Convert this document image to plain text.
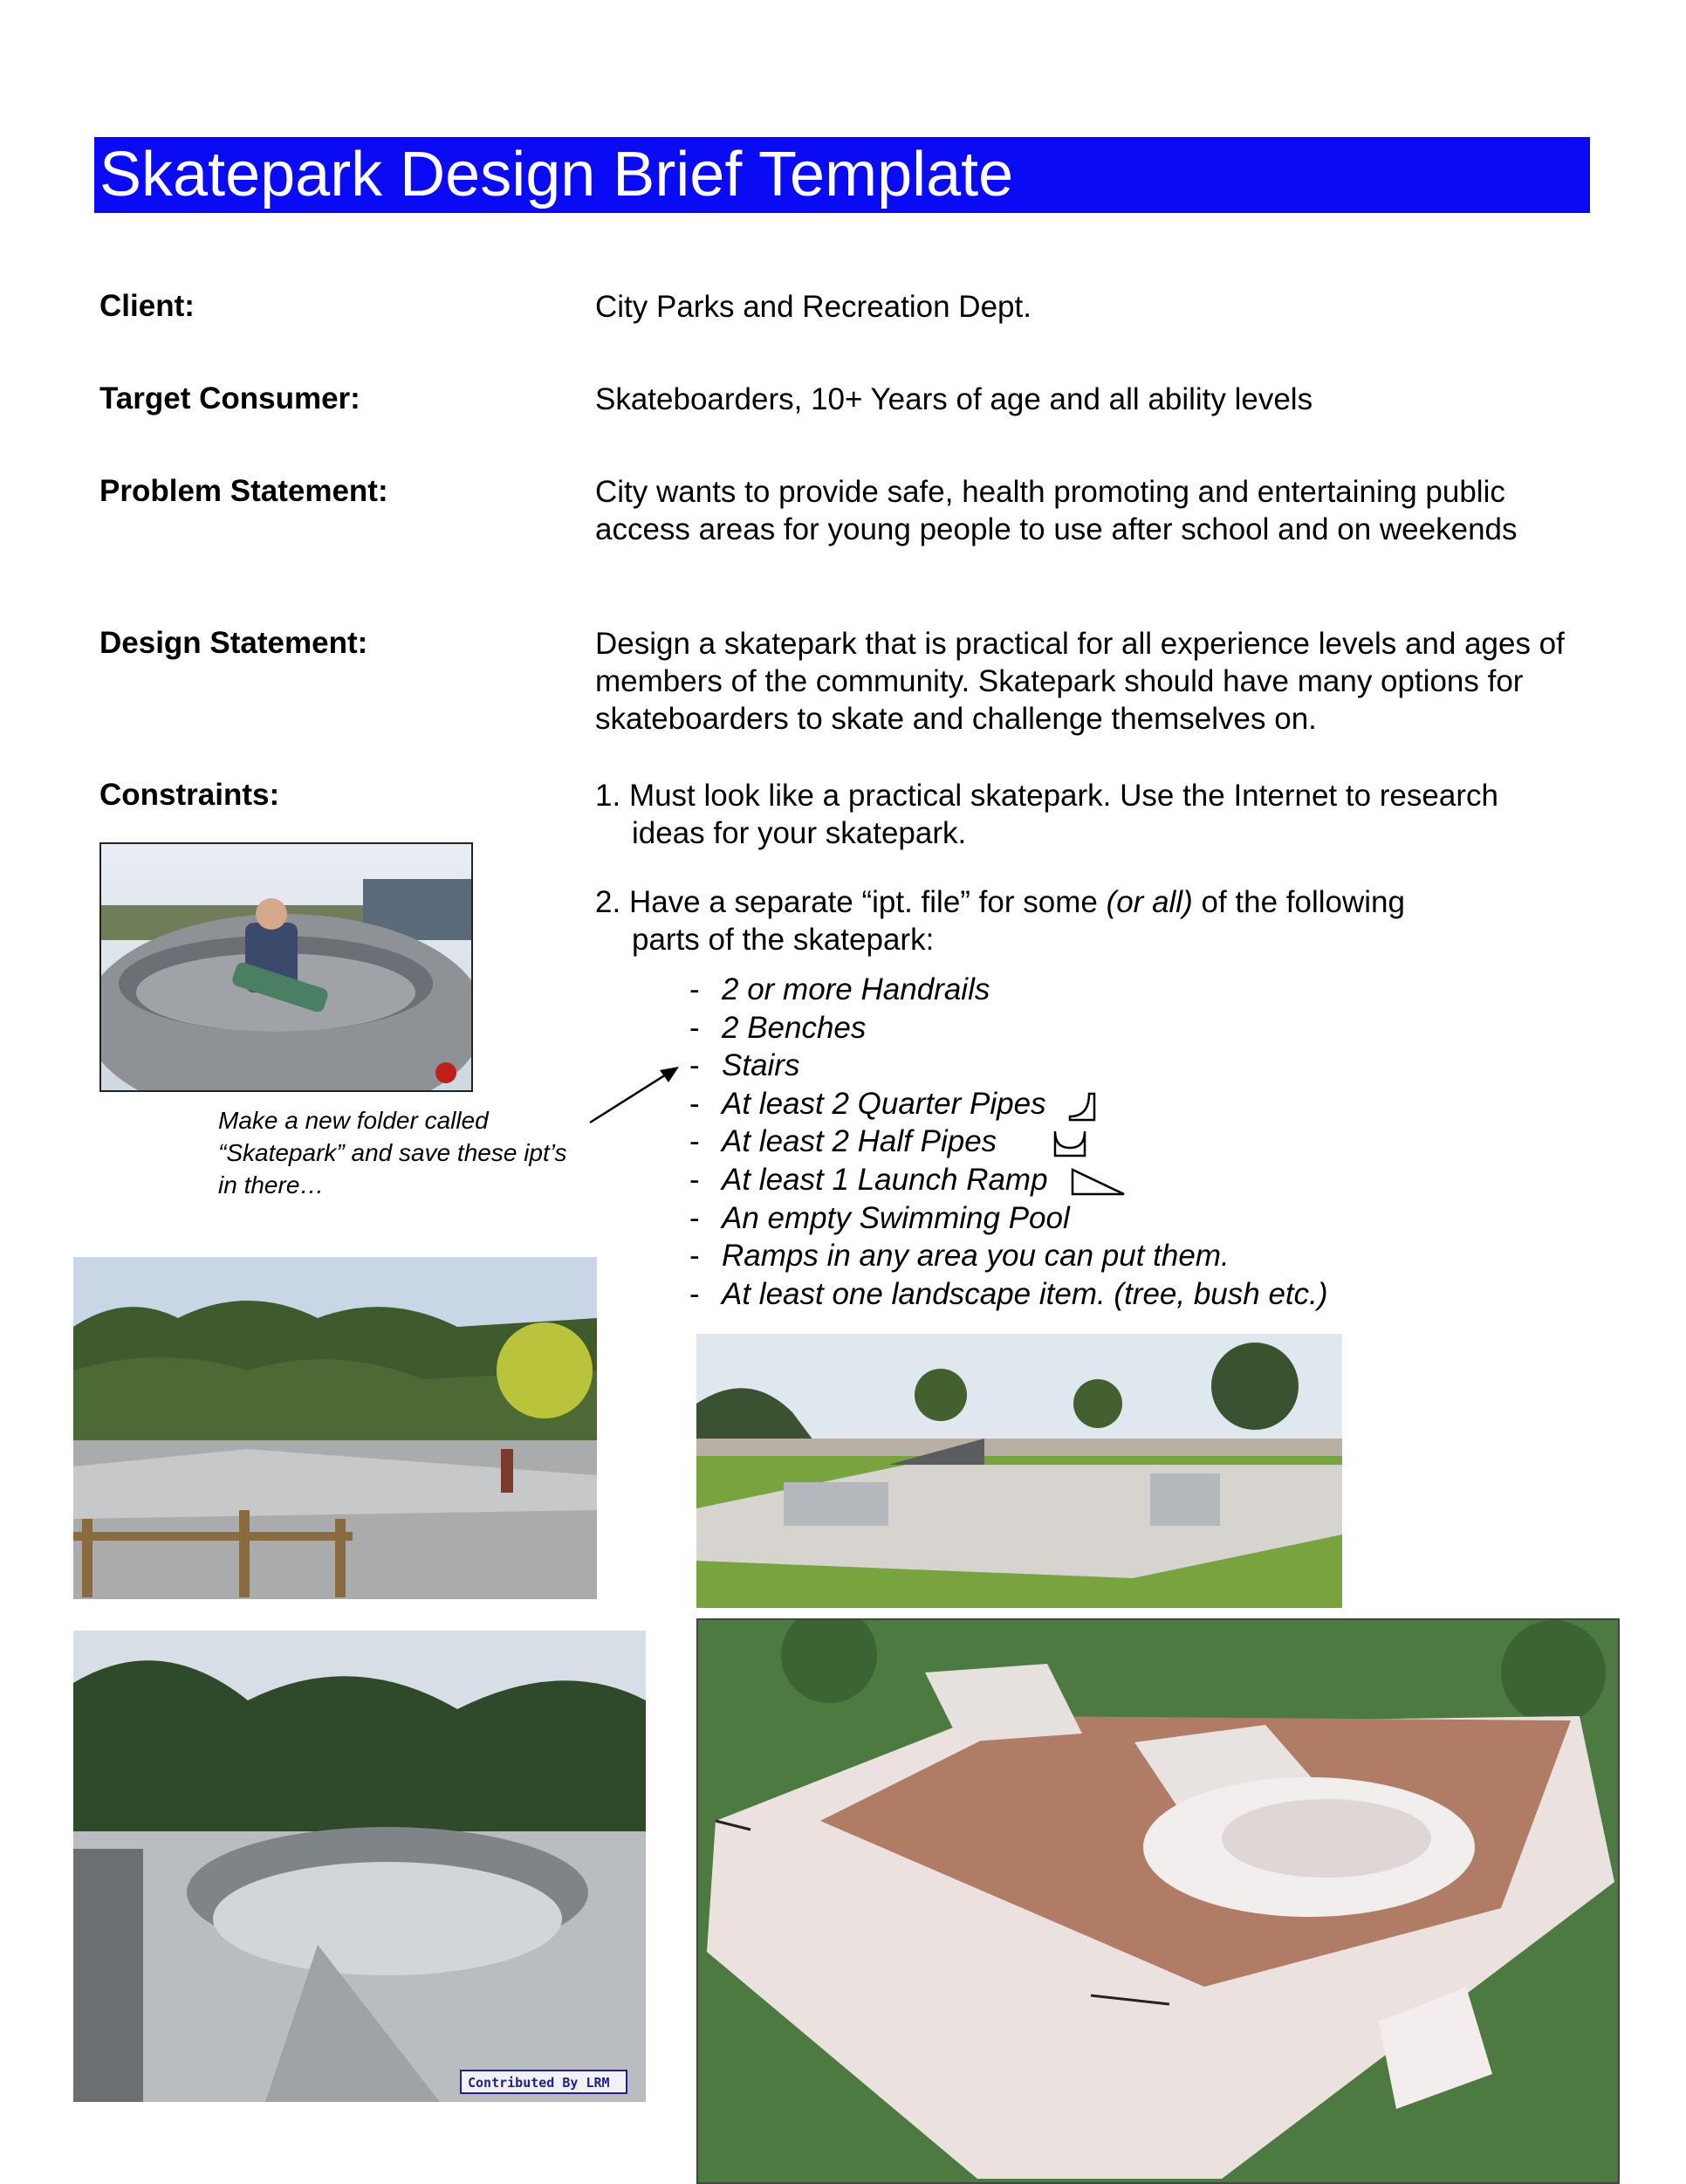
Skatepark Design Brief Template
Client:	City Parks and Recreation Dept.
Target Consumer:	Skateboarders, 10+ Years of age and all ability levels
Problem Statement:	City wants to provide safe, health promoting and entertaining public access areas for young people to use after school and on weekends
Design Statement:	Design a skatepark that is practical for all experience levels and ages of members of the community. Skatepark should have many options for skateboarders to skate and challenge themselves on.
Constraints:	1. Must look like a practical skatepark. Use the Internet to research
ideas for your skatepark.
2. Have a separate “ipt. file” for some (or all) of the following
parts of the skatepark:
- 2 or more Handrails
- 2 Benches
- Stairs
- At least 2 Quarter Pipes
- At least 2 Half Pipes
- At least 1 Launch Ramp
- An empty Swimming Pool
- Ramps in any area you can put them.
- At least one landscape item. (tree, bush etc.)
Make a new folder called
“Skatepark” and save these ipt’s
in there…
Contributed By LRM
